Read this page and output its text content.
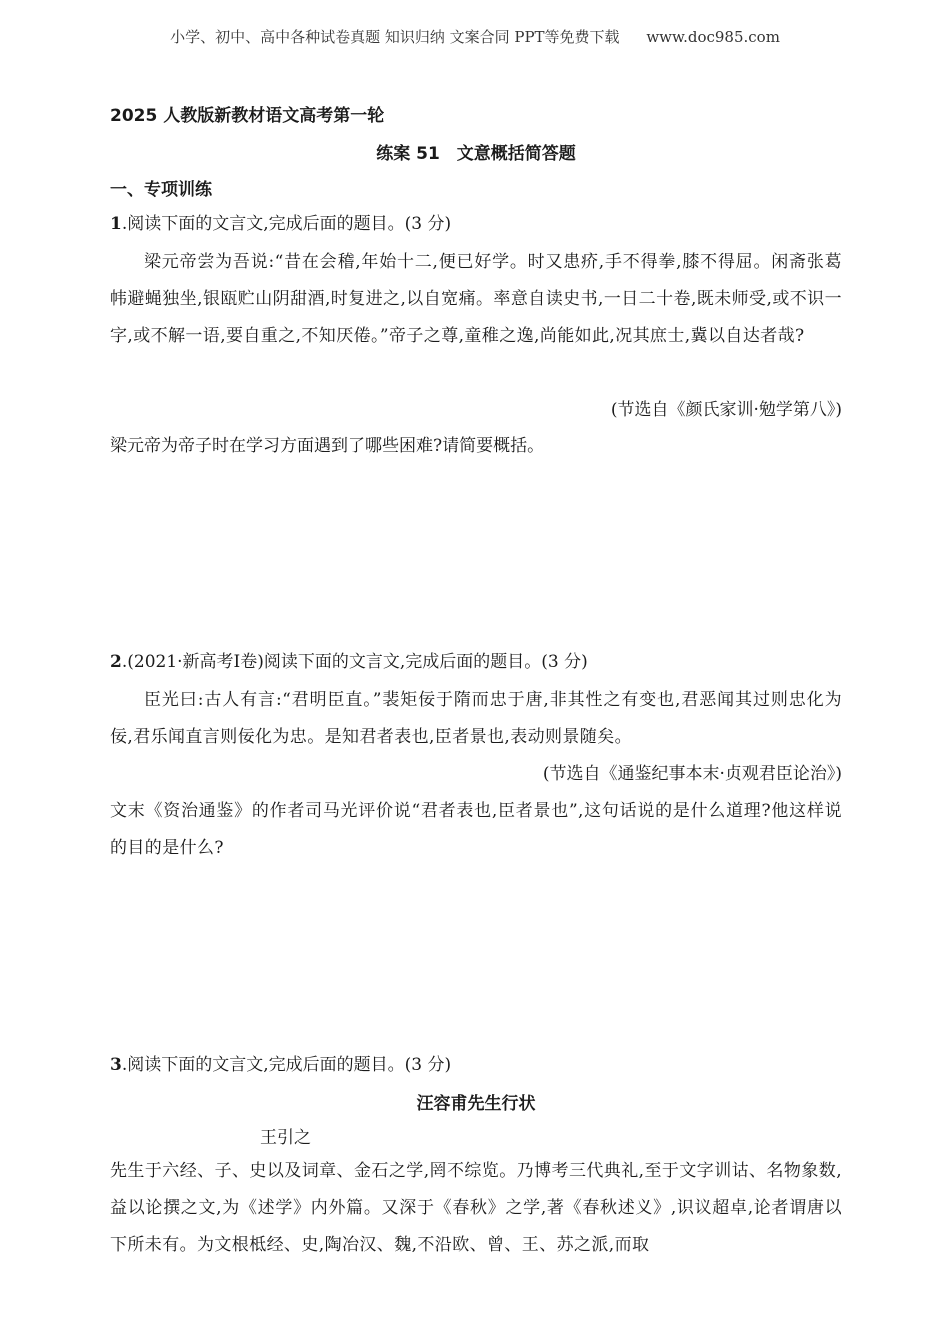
小学、初中、高中各种试卷真题 知识归纳 文案合同 PPT等免费下载 www.doc985.com
2025 人教版新教材语文高考第一轮
练案 51　文意概括简答题
一、专项训练
1.阅读下面的文言文,完成后面的题目。(3 分)
梁元帝尝为吾说:“昔在会稽,年始十二,便已好学。时又患疥,手不得拳,膝不得屈。闲斋张葛帏避蝇独坐,银瓯贮山阴甜酒,时复进之,以自宽痛。率意自读史书,一日二十卷,既未师受,或不识一字,或不解一语,要自重之,不知厌倦。”帝子之尊,童稚之逸,尚能如此,况其庶士,冀以自达者哉?
(节选自《颜氏家训·勉学第八》)
梁元帝为帝子时在学习方面遇到了哪些困难?请简要概括。
2.(2021·新高考Ⅰ卷)阅读下面的文言文,完成后面的题目。(3 分)
臣光曰:古人有言:“君明臣直。”裴矩佞于隋而忠于唐,非其性之有变也,君恶闻其过则忠化为佞,君乐闻直言则佞化为忠。是知君者表也,臣者景也,表动则景随矣。
(节选自《通鉴纪事本末·贞观君臣论治》)
文末《资治通鉴》的作者司马光评价说“君者表也,臣者景也”,这句话说的是什么道理?他这样说的目的是什么?
3.阅读下面的文言文,完成后面的题目。(3 分)
汪容甫先生行状
王引之
先生于六经、子、史以及词章、金石之学,罔不综览。乃博考三代典礼,至于文字训诂、名物象数,益以论撰之文,为《述学》内外篇。又深于《春秋》之学,著《春秋述义》,识议超卓,论者谓唐以下所未有。为文根柢经、史,陶冶汉、魏,不沿欧、曾、王、苏之派,而取
